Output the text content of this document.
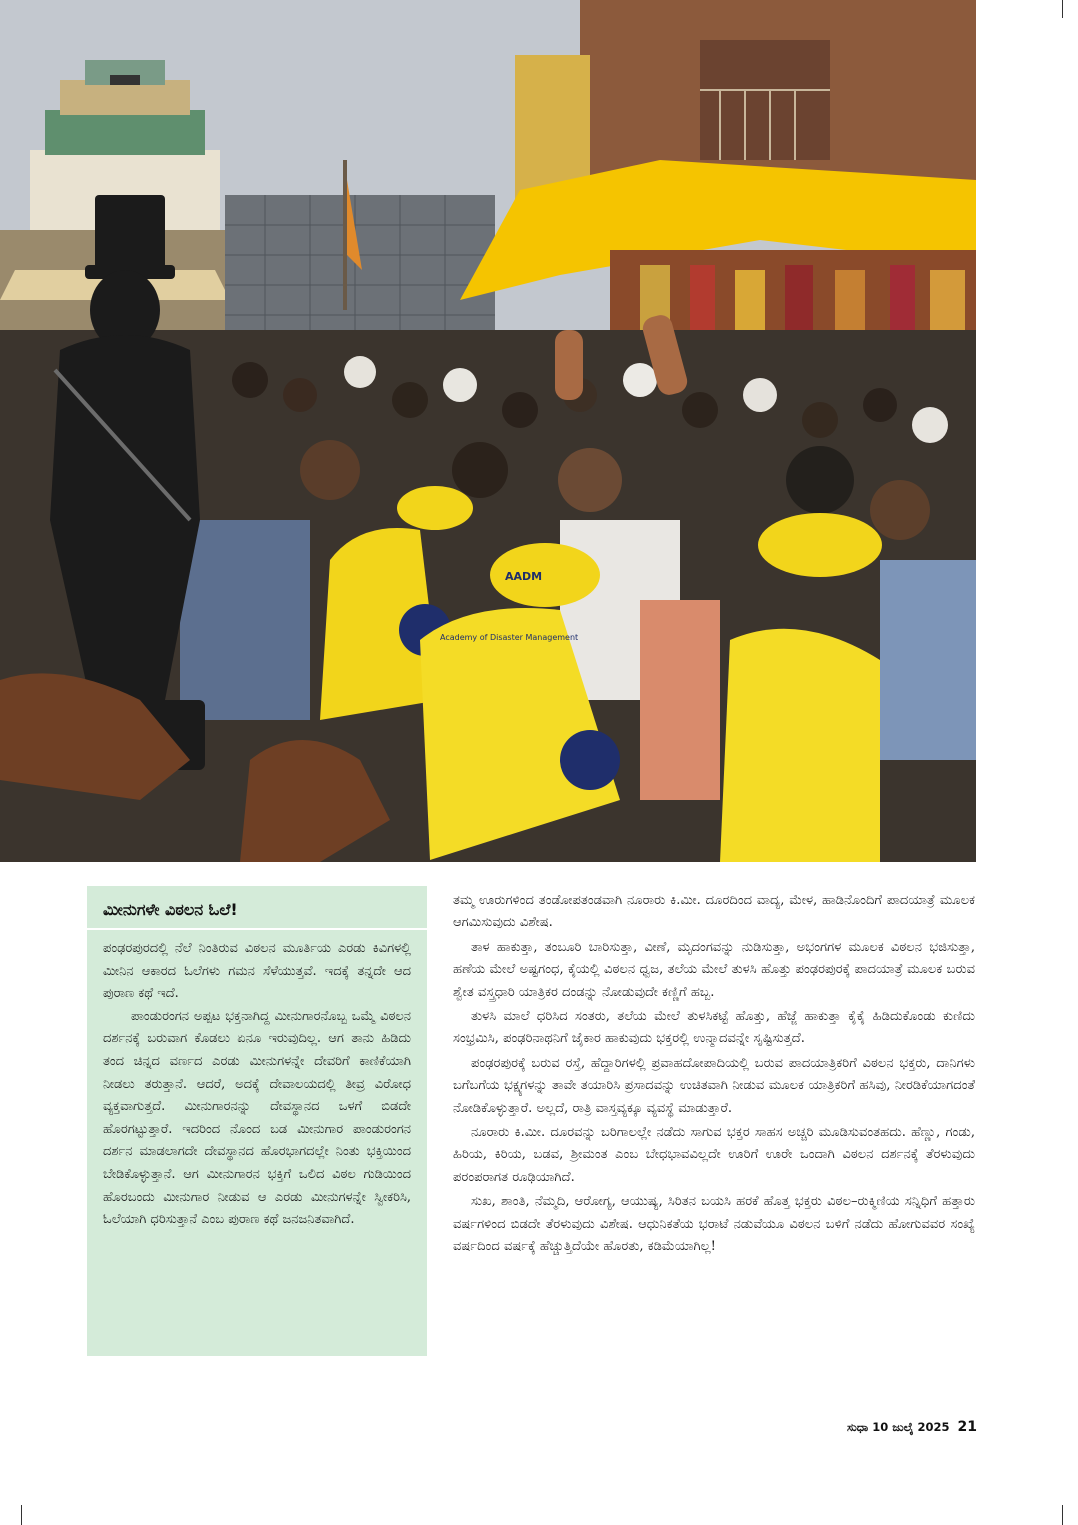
AADM
Academy of Disaster Management
ಮೀನುಗಳೇ ವಿಠಲನ ಓಲೆ!

ಪಂಢರಪುರದಲ್ಲಿ ನೆಲೆ ನಿಂತಿರುವ ವಿಠಲನ ಮೂರ್ತಿಯ ಎರಡು ಕಿವಿಗಳಲ್ಲಿ ಮೀನಿನ ಆಕಾರದ ಓಲೆಗಳು ಗಮನ ಸೆಳೆಯುತ್ತವೆ. ಇದಕ್ಕೆ ತನ್ನದೇ ಆದ ಪುರಾಣ ಕಥೆ ಇದೆ.

ಪಾಂಡುರಂಗನ ಅಪ್ಪಟ ಭಕ್ತನಾಗಿದ್ದ ಮೀನುಗಾರನೊಬ್ಬ ಒಮ್ಮೆ ವಿಠಲನ ದರ್ಶನಕ್ಕೆ ಬರುವಾಗ ಕೊಡಲು ಏನೂ ಇರುವುದಿಲ್ಲ. ಆಗ ತಾನು ಹಿಡಿದು ತಂದ ಚಿನ್ನದ ವರ್ಣದ ಎರಡು ಮೀನುಗಳನ್ನೇ ದೇವರಿಗೆ ಕಾಣಿಕೆಯಾಗಿ ನೀಡಲು ತರುತ್ತಾನೆ. ಆದರೆ, ಅದಕ್ಕೆ ದೇವಾಲಯದಲ್ಲಿ ತೀವ್ರ ವಿರೋಧ ವ್ಯಕ್ತವಾಗುತ್ತದೆ. ಮೀನುಗಾರನನ್ನು ದೇವಸ್ಥಾನದ ಒಳಗೆ ಬಿಡದೇ ಹೊರಗಟ್ಟುತ್ತಾರೆ. ಇದರಿಂದ ನೊಂದ ಬಡ ಮೀನುಗಾರ ಪಾಂಡುರಂಗನ ದರ್ಶನ ಮಾಡಲಾಗದೇ ದೇವಸ್ಥಾನದ ಹೊರಭಾಗದಲ್ಲೇ ನಿಂತು ಭಕ್ತಿಯಿಂದ ಬೇಡಿಕೊಳ್ಳುತ್ತಾನೆ. ಆಗ ಮೀನುಗಾರನ ಭಕ್ತಿಗೆ ಒಲಿದ ವಿಠಲ ಗುಡಿಯಿಂದ ಹೊರಬಂದು ಮೀನುಗಾರ ನೀಡುವ ಆ ಎರಡು ಮೀನುಗಳನ್ನೇ ಸ್ವೀಕರಿಸಿ, ಓಲೆಯಾಗಿ ಧರಿಸುತ್ತಾನೆ ಎಂಬ ಪುರಾಣ ಕಥೆ ಜನಜನಿತವಾಗಿದೆ.

ತಮ್ಮ ಊರುಗಳಿಂದ ತಂಡೋಪತಂಡವಾಗಿ ನೂರಾರು ಕಿ.ಮೀ. ದೂರದಿಂದ ವಾದ್ಯ, ಮೇಳ, ಹಾಡಿನೊಂದಿಗೆ ಪಾದಯಾತ್ರೆ ಮೂಲಕ ಆಗಮಿಸುವುದು ವಿಶೇಷ.

ತಾಳ ಹಾಕುತ್ತಾ, ತಂಬೂರಿ ಬಾರಿಸುತ್ತಾ, ವೀಣೆ, ಮೃದಂಗವನ್ನು ನುಡಿಸುತ್ತಾ, ಅಭಂಗಗಳ ಮೂಲಕ ವಿಠಲನ ಭಜಿಸುತ್ತಾ, ಹಣೆಯ ಮೇಲೆ ಅಷ್ಟಗಂಧ, ಕೈಯಲ್ಲಿ ವಿಠಲನ ಧ್ವಜ, ತಲೆಯ ಮೇಲೆ ತುಳಸಿ ಹೊತ್ತು ಪಂಢರಪುರಕ್ಕೆ ಪಾದಯಾತ್ರೆ ಮೂಲಕ ಬರುವ ಶ್ವೇತ ವಸ್ತ್ರಧಾರಿ ಯಾತ್ರಿಕರ ದಂಡನ್ನು ನೋಡುವುದೇ ಕಣ್ಣಿಗೆ ಹಬ್ಬ.

ತುಳಸಿ ಮಾಲೆ ಧರಿಸಿದ ಸಂತರು, ತಲೆಯ ಮೇಲೆ ತುಳಸಿಕಟ್ಟೆ ಹೊತ್ತು, ಹೆಜ್ಜೆ ಹಾಕುತ್ತಾ ಕೈಕೈ ಹಿಡಿದುಕೊಂಡು ಕುಣಿದು ಸಂಭ್ರಮಿಸಿ, ಪಂಢರಿನಾಥನಿಗೆ ಜೈಕಾರ ಹಾಕುವುದು ಭಕ್ತರಲ್ಲಿ ಉನ್ಮಾದವನ್ನೇ ಸೃಷ್ಟಿಸುತ್ತದೆ.

ಪಂಢರಪುರಕ್ಕೆ ಬರುವ ರಸ್ತೆ, ಹೆದ್ದಾರಿಗಳಲ್ಲಿ ಪ್ರವಾಹದೋಪಾದಿಯಲ್ಲಿ ಬರುವ ಪಾದಯಾತ್ರಿಕರಿಗೆ ವಿಠಲನ ಭಕ್ತರು, ದಾನಿಗಳು ಬಗೆಬಗೆಯ ಭಕ್ಷ್ಯಗಳನ್ನು ತಾವೇ ತಯಾರಿಸಿ ಪ್ರಸಾದವನ್ನು ಉಚಿತವಾಗಿ ನೀಡುವ ಮೂಲಕ ಯಾತ್ರಿಕರಿಗೆ ಹಸಿವು, ನೀರಡಿಕೆಯಾಗದಂತೆ ನೋಡಿಕೊಳ್ಳುತ್ತಾರೆ. ಅಲ್ಲದೆ, ರಾತ್ರಿ ವಾಸ್ತವ್ಯಕ್ಕೂ ವ್ಯವಸ್ಥೆ ಮಾಡುತ್ತಾರೆ.

ನೂರಾರು ಕಿ.ಮೀ. ದೂರವನ್ನು ಬರಿಗಾಲಲ್ಲೇ ನಡೆದು ಸಾಗುವ ಭಕ್ತರ ಸಾಹಸ ಅಚ್ಚರಿ ಮೂಡಿಸುವಂತಹದು. ಹೆಣ್ಣು, ಗಂಡು, ಹಿರಿಯ, ಕಿರಿಯ, ಬಡವ, ಶ್ರೀಮಂತ ಎಂಬ ಬೇಧಭಾವವಿಲ್ಲದೇ ಊರಿಗೆ ಊರೇ ಒಂದಾಗಿ ವಿಠಲನ ದರ್ಶನಕ್ಕೆ ತೆರಳುವುದು ಪರಂಪರಾಗತ ರೂಢಿಯಾಗಿದೆ.

ಸುಖ, ಶಾಂತಿ, ನೆಮ್ಮದಿ, ಆರೋಗ್ಯ, ಆಯುಷ್ಯ, ಸಿರಿತನ ಬಯಸಿ ಹರಕೆ ಹೊತ್ತ ಭಕ್ತರು ವಿಠಲ–ರುಕ್ಮಿಣಿಯ ಸನ್ನಿಧಿಗೆ ಹತ್ತಾರು ವರ್ಷಗಳಿಂದ ಬಿಡದೇ ತೆರಳುವುದು ವಿಶೇಷ. ಆಧುನಿಕತೆಯ ಭರಾಟೆ ನಡುವೆಯೂ ವಿಠಲನ ಬಳಿಗೆ ನಡೆದು ಹೋಗುವವರ ಸಂಖ್ಯೆ ವರ್ಷದಿಂದ ವರ್ಷಕ್ಕೆ ಹೆಚ್ಚುತ್ತಿದೆಯೇ ಹೊರತು, ಕಡಿಮೆಯಾಗಿಲ್ಲ!

ಸುಧಾ 10 ಜುಲೈ 2025 21
